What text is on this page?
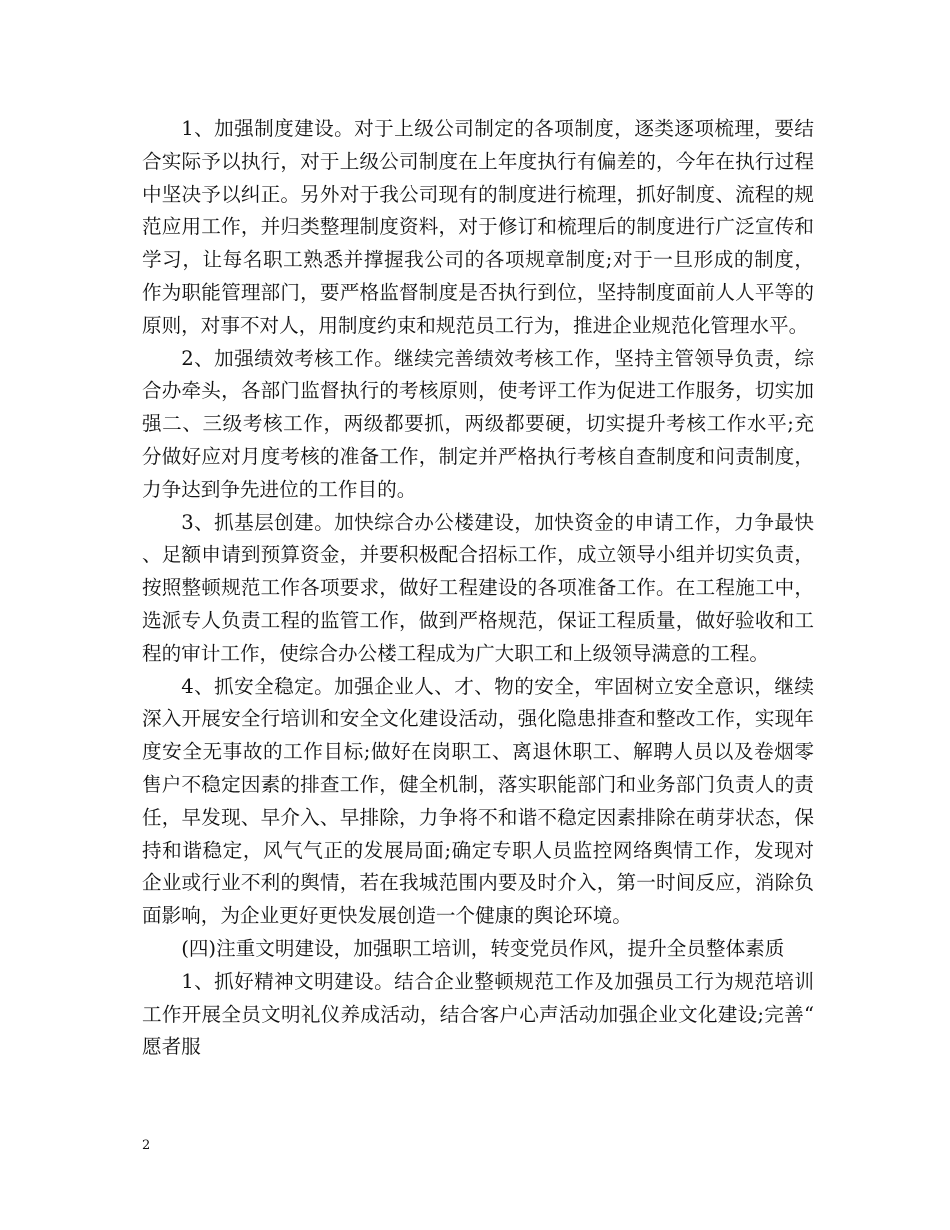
1、加强制度建设。对于上级公司制定的各项制度，逐类逐项梳理，要结合实际予以执行，对于上级公司制度在上年度执行有偏差的，今年在执行过程中坚决予以纠正。另外对于我公司现有的制度进行梳理，抓好制度、流程的规范应用工作，并归类整理制度资料，对于修订和梳理后的制度进行广泛宣传和学习，让每名职工熟悉并撑握我公司的各项规章制度;对于一旦形成的制度，作为职能管理部门，要严格监督制度是否执行到位，坚持制度面前人人平等的原则，对事不对人，用制度约束和规范员工行为，推进企业规范化管理水平。

2、加强绩效考核工作。继续完善绩效考核工作，坚持主管领导负责，综合办牵头，各部门监督执行的考核原则，使考评工作为促进工作服务，切实加强二、三级考核工作，两级都要抓，两级都要硬，切实提升考核工作水平;充分做好应对月度考核的准备工作，制定并严格执行考核自查制度和问责制度，力争达到争先进位的工作目的。

3、抓基层创建。加快综合办公楼建设，加快资金的申请工作，力争最快、足额申请到预算资金，并要积极配合招标工作，成立领导小组并切实负责，按照整顿规范工作各项要求，做好工程建设的各项准备工作。在工程施工中，选派专人负责工程的监管工作，做到严格规范，保证工程质量，做好验收和工程的审计工作，使综合办公楼工程成为广大职工和上级领导满意的工程。

4、抓安全稳定。加强企业人、才、物的安全，牢固树立安全意识，继续深入开展安全行培训和安全文化建设活动，强化隐患排查和整改工作，实现年度安全无事故的工作目标;做好在岗职工、离退休职工、解聘人员以及卷烟零售户不稳定因素的排查工作，健全机制，落实职能部门和业务部门负责人的责任，早发现、早介入、早排除，力争将不和谐不稳定因素排除在萌芽状态，保持和谐稳定，风气气正的发展局面;确定专职人员监控网络舆情工作，发现对企业或行业不利的舆情，若在我城范围内要及时介入，第一时间反应，消除负面影响，为企业更好更快发展创造一个健康的舆论环境。

(四)注重文明建设，加强职工培训，转变党员作风，提升全员整体素质

1、抓好精神文明建设。结合企业整顿规范工作及加强员工行为规范培训工作开展全员文明礼仪养成活动，结合客户心声活动加强企业文化建设;完善“愿者服

2
